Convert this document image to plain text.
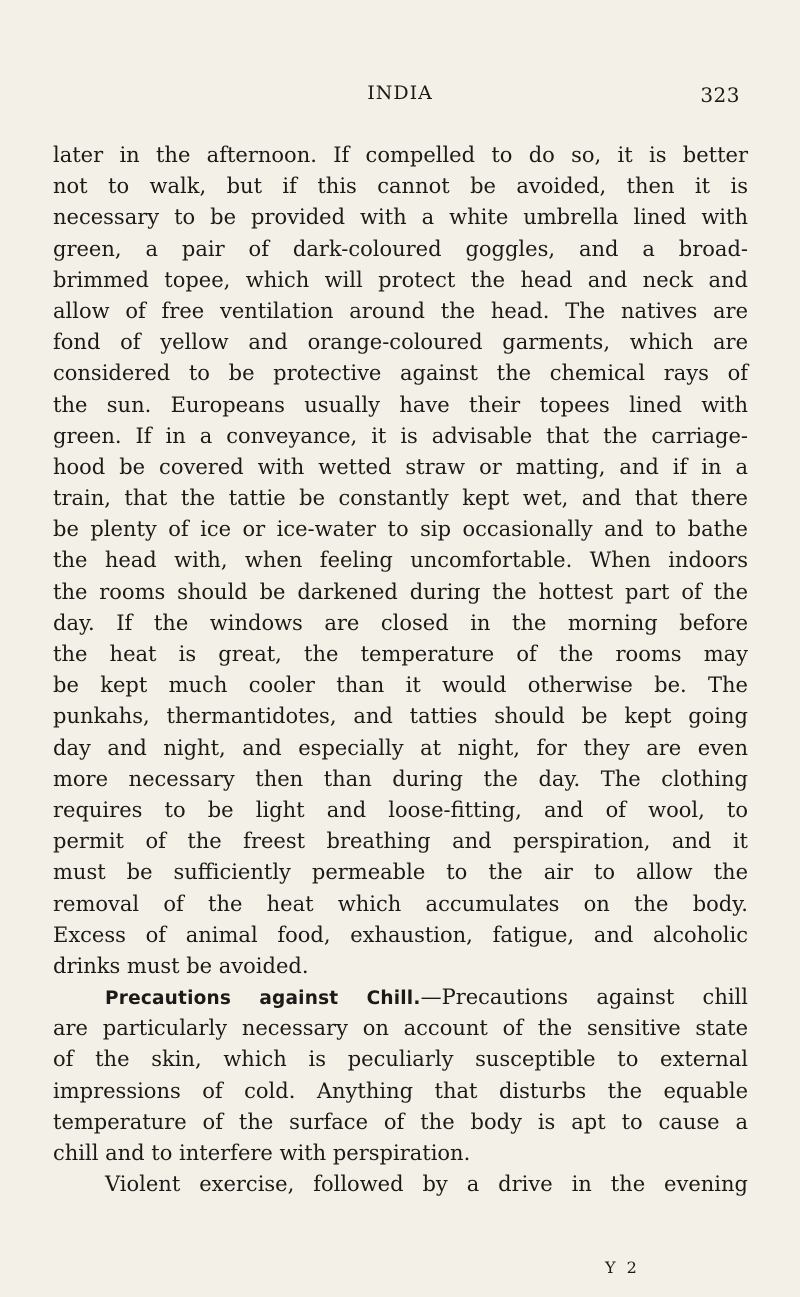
INDIA	323
later in the afternoon. If compelled to do so, it is better
not to walk, but if this cannot be avoided, then it is
necessary to be provided with a white umbrella lined with
green, a pair of dark-coloured goggles, and a broad-
brimmed topee, which will protect the head and neck and
allow of free ventilation around the head. The natives are
fond of yellow and orange-coloured garments, which are
considered to be protective against the chemical rays of
the sun. Europeans usually have their topees lined with
green. If in a conveyance, it is advisable that the carriage-
hood be covered with wetted straw or matting, and if in a
train, that the tattie be constantly kept wet, and that there
be plenty of ice or ice-water to sip occasionally and to bathe
the head with, when feeling uncomfortable. When indoors
the rooms should be darkened during the hottest part of the
day. If the windows are closed in the morning before
the heat is great, the temperature of the rooms may
be kept much cooler than it would otherwise be. The
punkahs, thermantidotes, and tatties should be kept going
day and night, and especially at night, for they are even
more necessary then than during the day. The clothing
requires to be light and loose-fitting, and of wool, to
permit of the freest breathing and perspiration, and it
must be sufficiently permeable to the air to allow the
removal of the heat which accumulates on the body.
Excess of animal food, exhaustion, fatigue, and alcoholic
drinks must be avoided.
Precautions against Chill.—Precautions against chill
are particularly necessary on account of the sensitive state
of the skin, which is peculiarly susceptible to external
impressions of cold. Anything that disturbs the equable
temperature of the surface of the body is apt to cause a
chill and to interfere with perspiration.
Violent exercise, followed by a drive in the evening
Y 2
